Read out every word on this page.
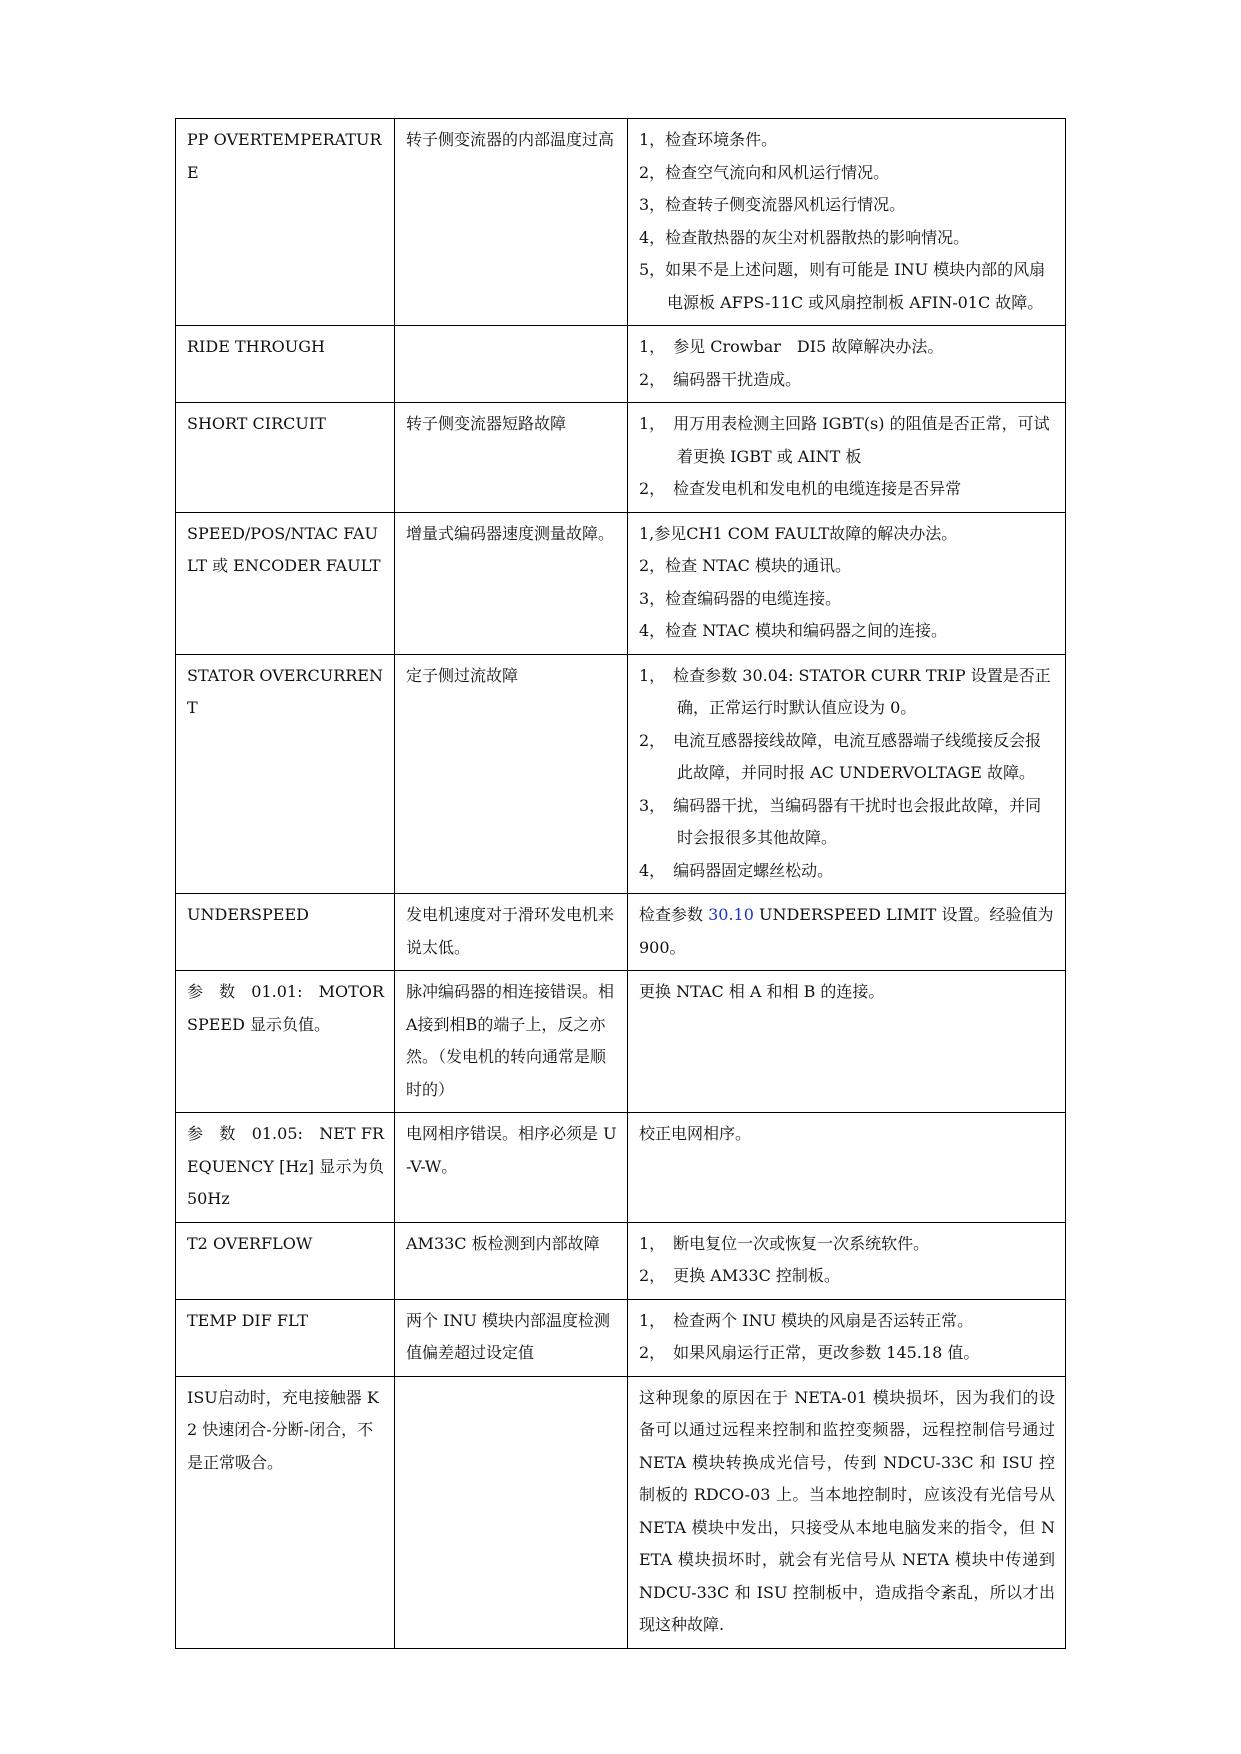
PP OVERTEMPERATURE	转子侧变流器的内部温度过高	1，检查环境条件。
2，检查空气流向和风机运行情况。
3，检查转子侧变流器风机运行情况。
4，检查散热器的灰尘对机器散热的影响情况。
5，如果不是上述问题，则有可能是 INU 模块内部的风扇电源板 AFPS-11C 或风扇控制板 AFIN-01C 故障。

RIDE THROUGH		1，　参见 Crowbar　DI5 故障解决办法。
2，　编码器干扰造成。

SHORT CIRCUIT	转子侧变流器短路故障	1，　用万用表检测主回路 IGBT(s) 的阻值是否正常，可试着更换 IGBT 或 AINT 板
2，　检查发电机和发电机的电缆连接是否异常

SPEED/POS/NTAC FAULT 或 ENCODER FAULT	增量式编码器速度测量故障。	1,参见CH1 COM FAULT故障的解决办法。
2，检查 NTAC 模块的通讯。
3，检查编码器的电缆连接。
4，检查 NTAC 模块和编码器之间的连接。

STATOR OVERCURRENT	定子侧过流故障	1，　检查参数 30.04: STATOR CURR TRIP 设置是否正确，正常运行时默认值应设为 0。
2，　电流互感器接线故障，电流互感器端子线缆接反会报此故障，并同时报 AC UNDERVOLTAGE 故障。
3，　编码器干扰，当编码器有干扰时也会报此故障，并同时会报很多其他故障。
4，　编码器固定螺丝松动。

UNDERSPEED	发电机速度对于滑环发电机来说太低。	检查参数 30.10 UNDERSPEED LIMIT 设置。经验值为 900。

参　数　01.01:　MOTOR SPEED 显示负值。	脉冲编码器的相连接错误。相A接到相B的端子上，反之亦然。（发电机的转向通常是顺时的）	更换 NTAC 相 A 和相 B 的连接。

参　数　01.05:　NET FREQUENCY [Hz] 显示为负 50Hz	电网相序错误。相序必须是 U-V-W。	校正电网相序。

T2 OVERFLOW	AM33C 板检测到内部故障	1，　断电复位一次或恢复一次系统软件。
2，　更换 AM33C 控制板。

TEMP DIF FLT	两个 INU 模块内部温度检测值偏差超过设定值	1，　检查两个 INU 模块的风扇是否运转正常。
2，　如果风扇运行正常，更改参数 145.18 值。

ISU启动时，充电接触器 K2 快速闭合-分断-闭合，不是正常吸合。		这种现象的原因在于 NETA-01 模块损坏，因为我们的设备可以通过远程来控制和监控变频器，远程控制信号通过 NETA 模块转换成光信号，传到 NDCU-33C 和 ISU 控制板的 RDCO-03 上。当本地控制时，应该没有光信号从 NETA 模块中发出，只接受从本地电脑发来的指令，但 NETA 模块损坏时，就会有光信号从 NETA 模块中传递到 NDCU-33C 和 ISU 控制板中，造成指令紊乱，所以才出现这种故障.
